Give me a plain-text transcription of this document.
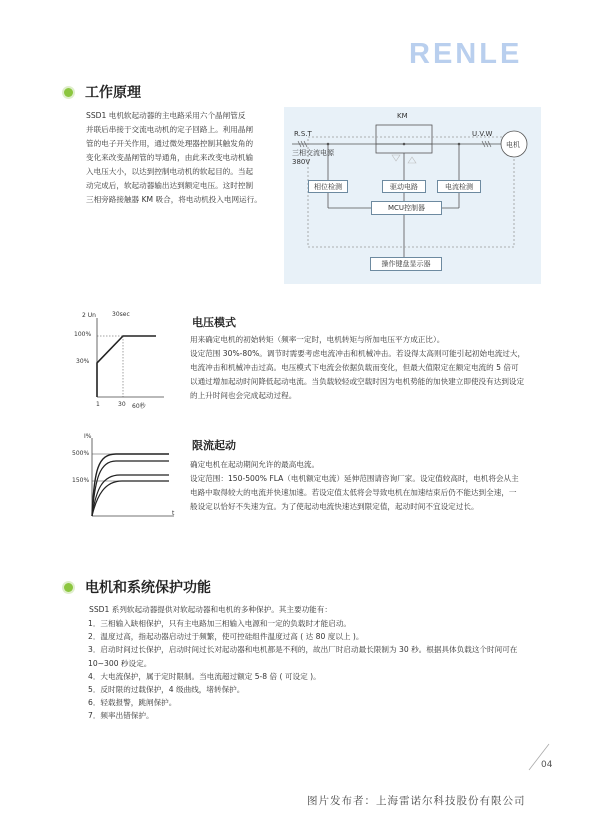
RENLE
工作原理

SSD1 电机软起动器的主电路采用六个晶闸管反
并联后串接于交流电动机的定子回路上。利用晶闸
管的电子开关作用，通过微处理器控制其触发角的
变化来改变晶闸管的导通角，由此来改变电动机输
入电压大小，以达到控制电动机的软起目的。当起
动完成后，软起动器输出达到额定电压。这时控制
三相旁路接触器 KM 吸合，将电动机投入电网运行。

KM
R.S.T	U.V.W
三相交流电源
380V
电机
相位检测	驱动电路	电流检测
MCU控制器
操作键盘显示器
2 Un	30sec
100%
30%
1	30 60秒
电压模式

用来确定电机的初始转矩（频率一定时，电机转矩与所加电压平方成正比）。
设定范围 30%-80%。调节时需要考虑电流冲击和机械冲击。若设得太高则可能引起初始电流过大，
电流冲击和机械冲击过高。电压模式下电流会依据负载而变化，但最大值限定在额定电流的 5 倍可
以通过增加起动时间降低起动电流。当负载较轻或空载时因为电机势能的加快建立即使没有达到设定
的上升时间也会完成起动过程。

I%
500%
150%
t
限流起动

确定电机在起动期间允许的最高电流。
设定范围：150-500% FLA（电机额定电流）延伸范围请咨询厂家。设定值较高时，电机将会从主
电路中取得较大的电流并快速加速。若设定值太低将会导致电机在加速结束后仍不能达到全速，一
般设定以恰好不失速为宜。为了使起动电流快速达到限定值，起动时间不宜设定过长。

电机和系统保护功能

SSD1 系列软起动器提供对软起动器和电机的多种保护。其主要功能有：

1．三相输入缺相保护，只有主电路加三相输入电源和一定的负载时才能启动。
2．温度过高，指起动器启动过于频繁，使可控硅组件温度过高 ( 达 80 度以上 )。
3．启动时间过长保护，启动时间过长对起动器和电机都是不利的，故出厂时启动最长限制为 30 秒。根据具体负载这个时间可在
10~300 秒设定。
4．大电流保护，属于定时限制。当电流超过额定 5-8 倍 ( 可设定 )。
5．反时限的过载保护，4 级曲线，堵转保护。
6．轻载报警，跳闸保护。
7．频率出错保护。
04
图片发布者：上海雷诺尔科技股份有限公司
